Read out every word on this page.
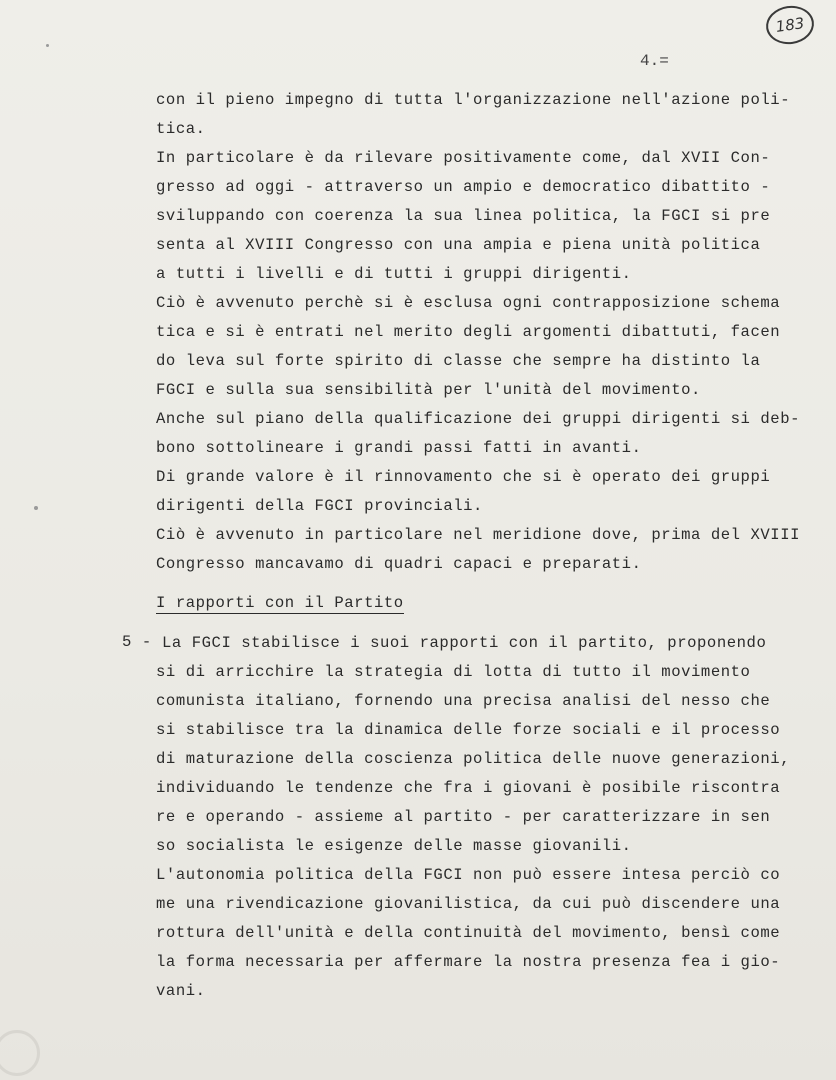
183
4.=
con il pieno impegno di tutta l'organizzazione nell'azione poli-
tica.
In particolare è da rilevare positivamente come, dal XVII Con-
gresso ad oggi - attraverso un ampio e democratico dibattito -
sviluppando con coerenza la sua linea politica, la FGCI si pre
senta al XVIII Congresso con una ampia e piena unità politica
a tutti i livelli e di tutti i gruppi dirigenti.
Ciò è avvenuto perchè si è esclusa ogni contrapposizione schema
tica e si è entrati nel merito degli argomenti dibattuti, facen
do leva sul forte spirito di classe che sempre ha distinto la
FGCI e sulla sua sensibilità per l'unità del movimento.
Anche sul piano della qualificazione dei gruppi dirigenti si deb-
bono sottolineare i grandi passi fatti in avanti.
Di grande valore è il rinnovamento che si è operato dei gruppi
dirigenti della FGCI provinciali.
Ciò è avvenuto in particolare nel meridione dove, prima del XVIII
Congresso mancavamo di quadri capaci e preparati.
I rapporti con il Partito
5 - La FGCI stabilisce i suoi rapporti con il partito, proponendo
si di arricchire la strategia di lotta di tutto il movimento
comunista italiano, fornendo una precisa analisi del nesso che
si stabilisce tra la dinamica delle forze sociali e il processo
di maturazione della coscienza politica delle nuove generazioni,
individuando le tendenze che fra i giovani è posibile riscontra
re e operando - assieme al partito - per caratterizzare in sen
so socialista le esigenze delle masse giovanili.
L'autonomia politica della FGCI non può essere intesa perciò co
me una rivendicazione giovanilistica, da cui può discendere una
rottura dell'unità e della continuità del movimento, bensì come
la forma necessaria per affermare la nostra presenza fea i gio-
vani.
